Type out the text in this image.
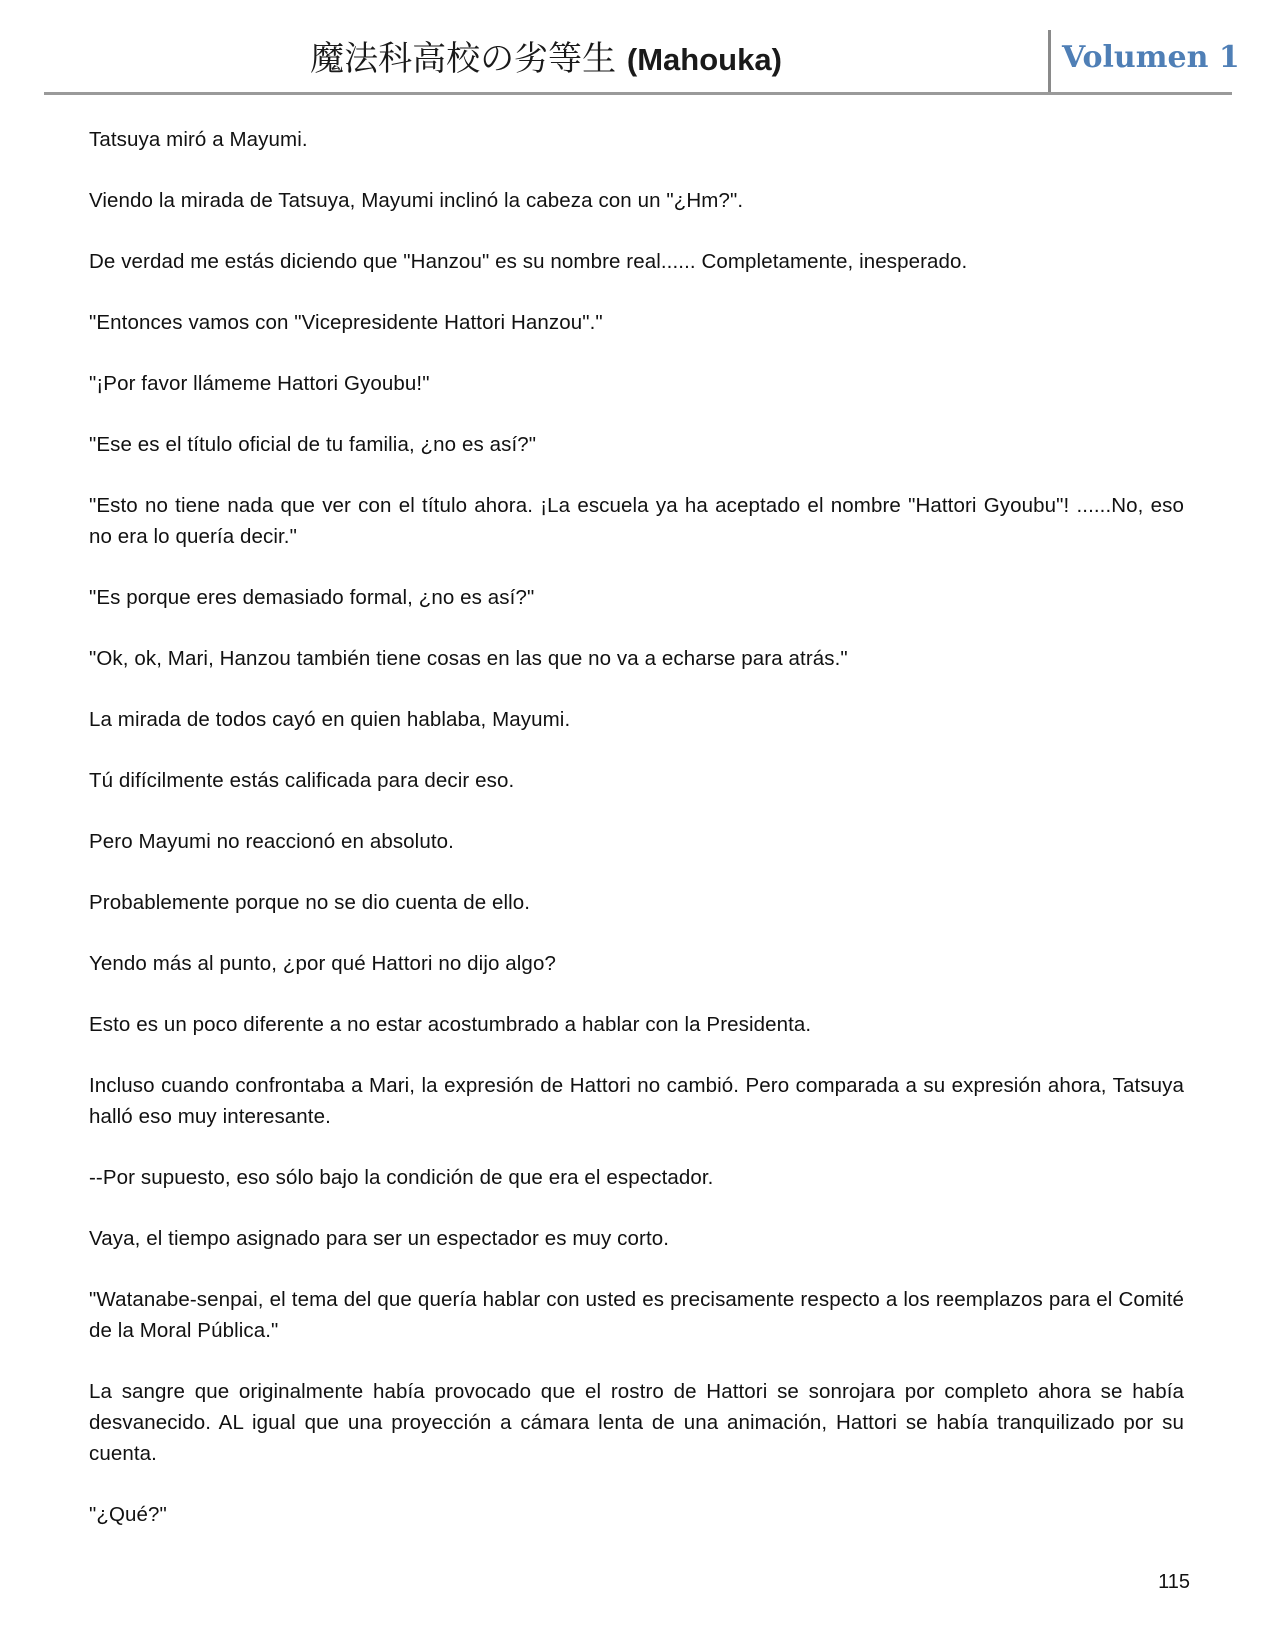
魔法科高校の劣等生 (Mahouka)	Volumen 1

Tatsuya miró a Mayumi.

Viendo la mirada de Tatsuya, Mayumi inclinó la cabeza con un "¿Hm?".

De verdad me estás diciendo que "Hanzou" es su nombre real...... Completamente, inesperado.

"Entonces vamos con "Vicepresidente Hattori Hanzou"."

"¡Por favor llámeme Hattori Gyoubu!"

"Ese es el título oficial de tu familia, ¿no es así?"

"Esto no tiene nada que ver con el título ahora. ¡La escuela ya ha aceptado el nombre "Hattori Gyoubu"! ......No, eso no era lo quería decir."

"Es porque eres demasiado formal, ¿no es así?"

"Ok, ok, Mari, Hanzou también tiene cosas en las que no va a echarse para atrás."

La mirada de todos cayó en quien hablaba, Mayumi.

Tú difícilmente estás calificada para decir eso.

Pero Mayumi no reaccionó en absoluto.

Probablemente porque no se dio cuenta de ello.

Yendo más al punto, ¿por qué Hattori no dijo algo?

Esto es un poco diferente a no estar acostumbrado a hablar con la Presidenta.

Incluso cuando confrontaba a Mari, la expresión de Hattori no cambió. Pero comparada a su expresión ahora, Tatsuya halló eso muy interesante.

--Por supuesto, eso sólo bajo la condición de que era el espectador.

Vaya, el tiempo asignado para ser un espectador es muy corto.

"Watanabe-senpai, el tema del que quería hablar con usted es precisamente respecto a los reemplazos para el Comité de la Moral Pública."

La sangre que originalmente había provocado que el rostro de Hattori se sonrojara por completo ahora se había desvanecido. AL igual que una proyección a cámara lenta de una animación, Hattori se había tranquilizado por su cuenta.

"¿Qué?"

115
